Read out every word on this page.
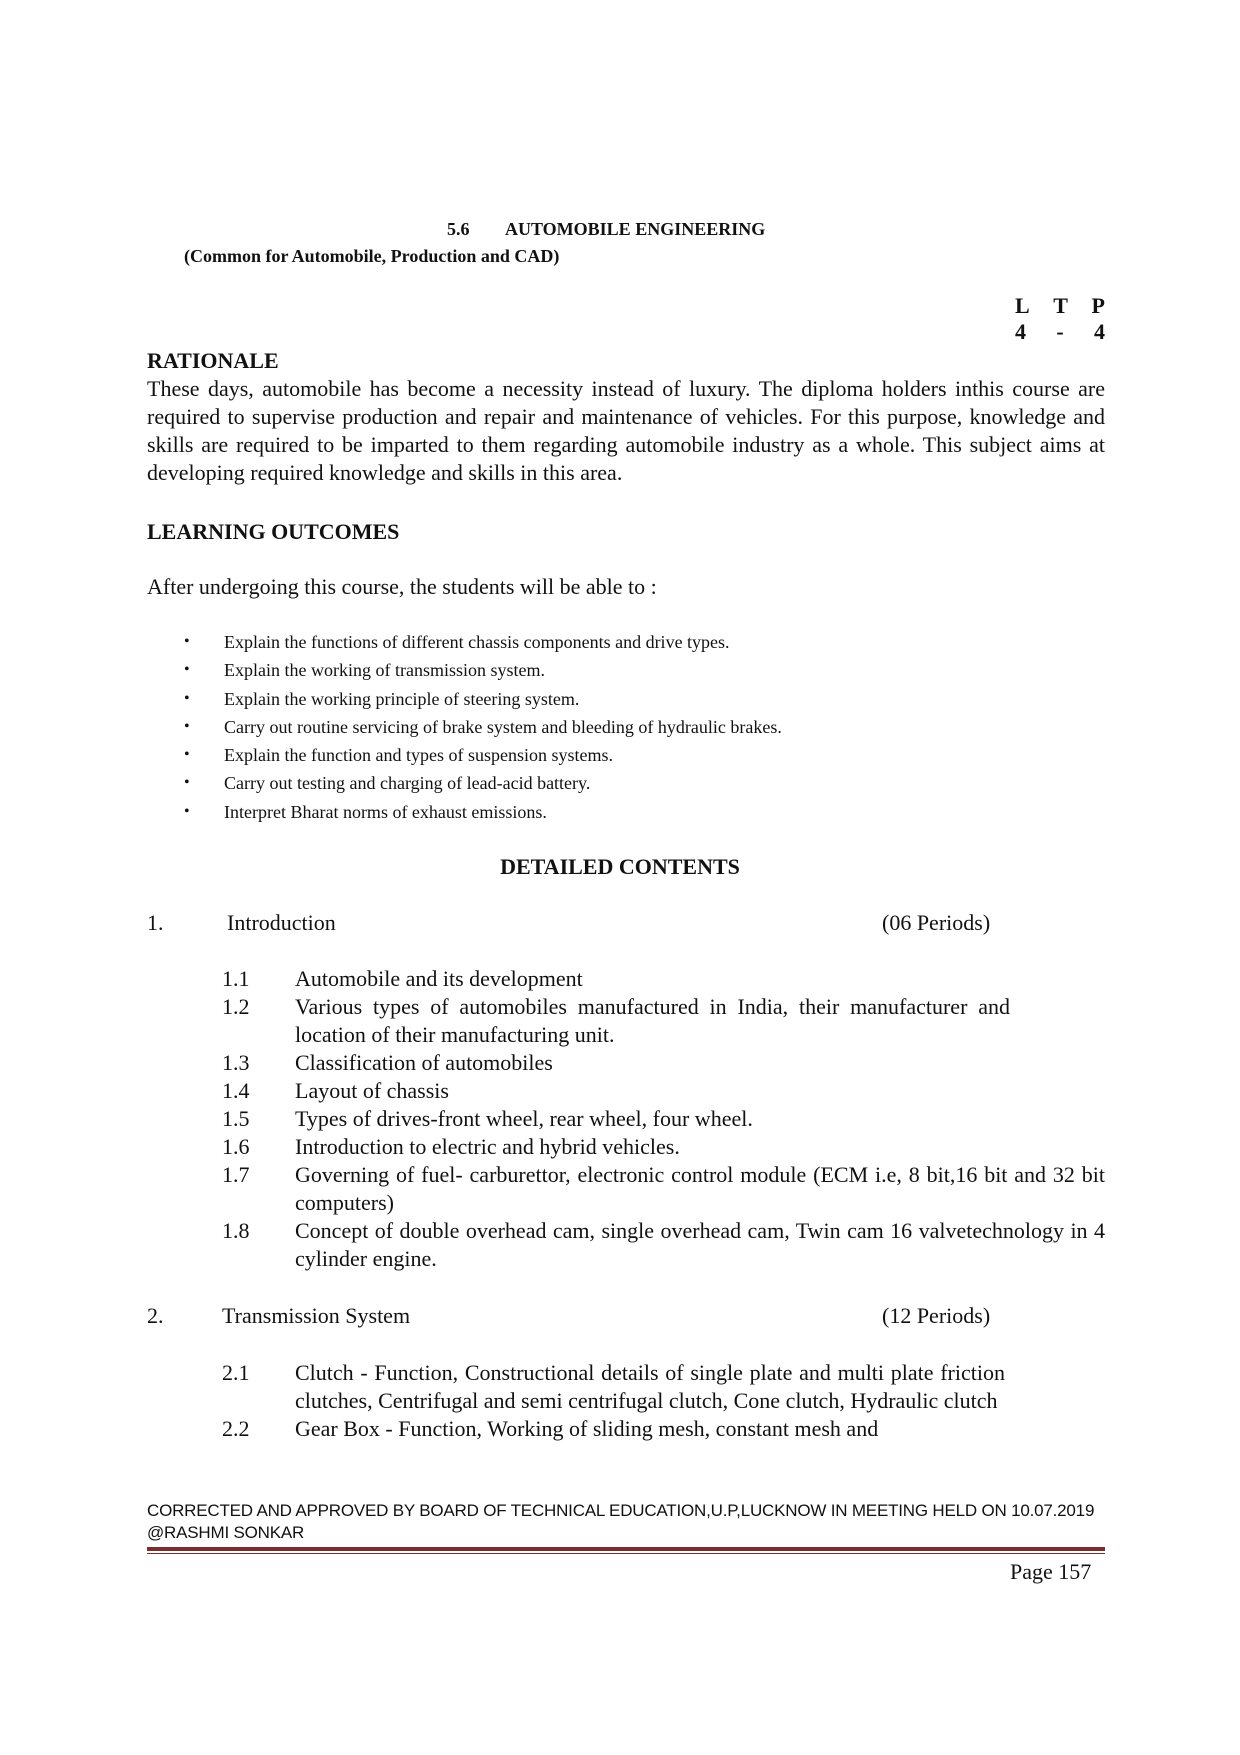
5.6 AUTOMOBILE ENGINEERING
(Common for Automobile, Production and CAD)
L T P
4 - 4
RATIONALE
These days, automobile has become a necessity instead of luxury. The diploma holders inthis course are required to supervise production and repair and maintenance of vehicles. For this purpose, knowledge and skills are required to be imparted to them regarding automobile industry as a whole. This subject aims at developing required knowledge and skills in this area.
LEARNING OUTCOMES
After undergoing this course, the students will be able to :
• Explain the functions of different chassis components and drive types.
• Explain the working of transmission system.
• Explain the working principle of steering system.
• Carry out routine servicing of brake system and bleeding of hydraulic brakes.
• Explain the function and types of suspension systems.
• Carry out testing and charging of lead-acid battery.
• Interpret Bharat norms of exhaust emissions.
DETAILED CONTENTS
1.	Introduction	(06 Periods)
1.1	Automobile and its development
1.2	Various types of automobiles manufactured in India, their manufacturer and location of their manufacturing unit.
1.3	Classification of automobiles
1.4	Layout of chassis
1.5	Types of drives-front wheel, rear wheel, four wheel.
1.6	Introduction to electric and hybrid vehicles.
1.7	Governing of fuel- carburettor, electronic control module (ECM i.e, 8 bit,16 bit and 32 bit computers)
1.8	Concept of double overhead cam, single overhead cam, Twin cam 16 valvetechnology in 4 cylinder engine.
2.	Transmission System	(12 Periods)
2.1	Clutch - Function, Constructional details of single plate and multi plate friction clutches, Centrifugal and semi centrifugal clutch, Cone clutch, Hydraulic clutch
2.2	Gear Box - Function, Working of sliding mesh, constant mesh and
CORRECTED AND APPROVED BY BOARD OF TECHNICAL EDUCATION,U.P,LUCKNOW IN MEETING HELD ON 10.07.2019 @RASHMI SONKAR
Page 157
